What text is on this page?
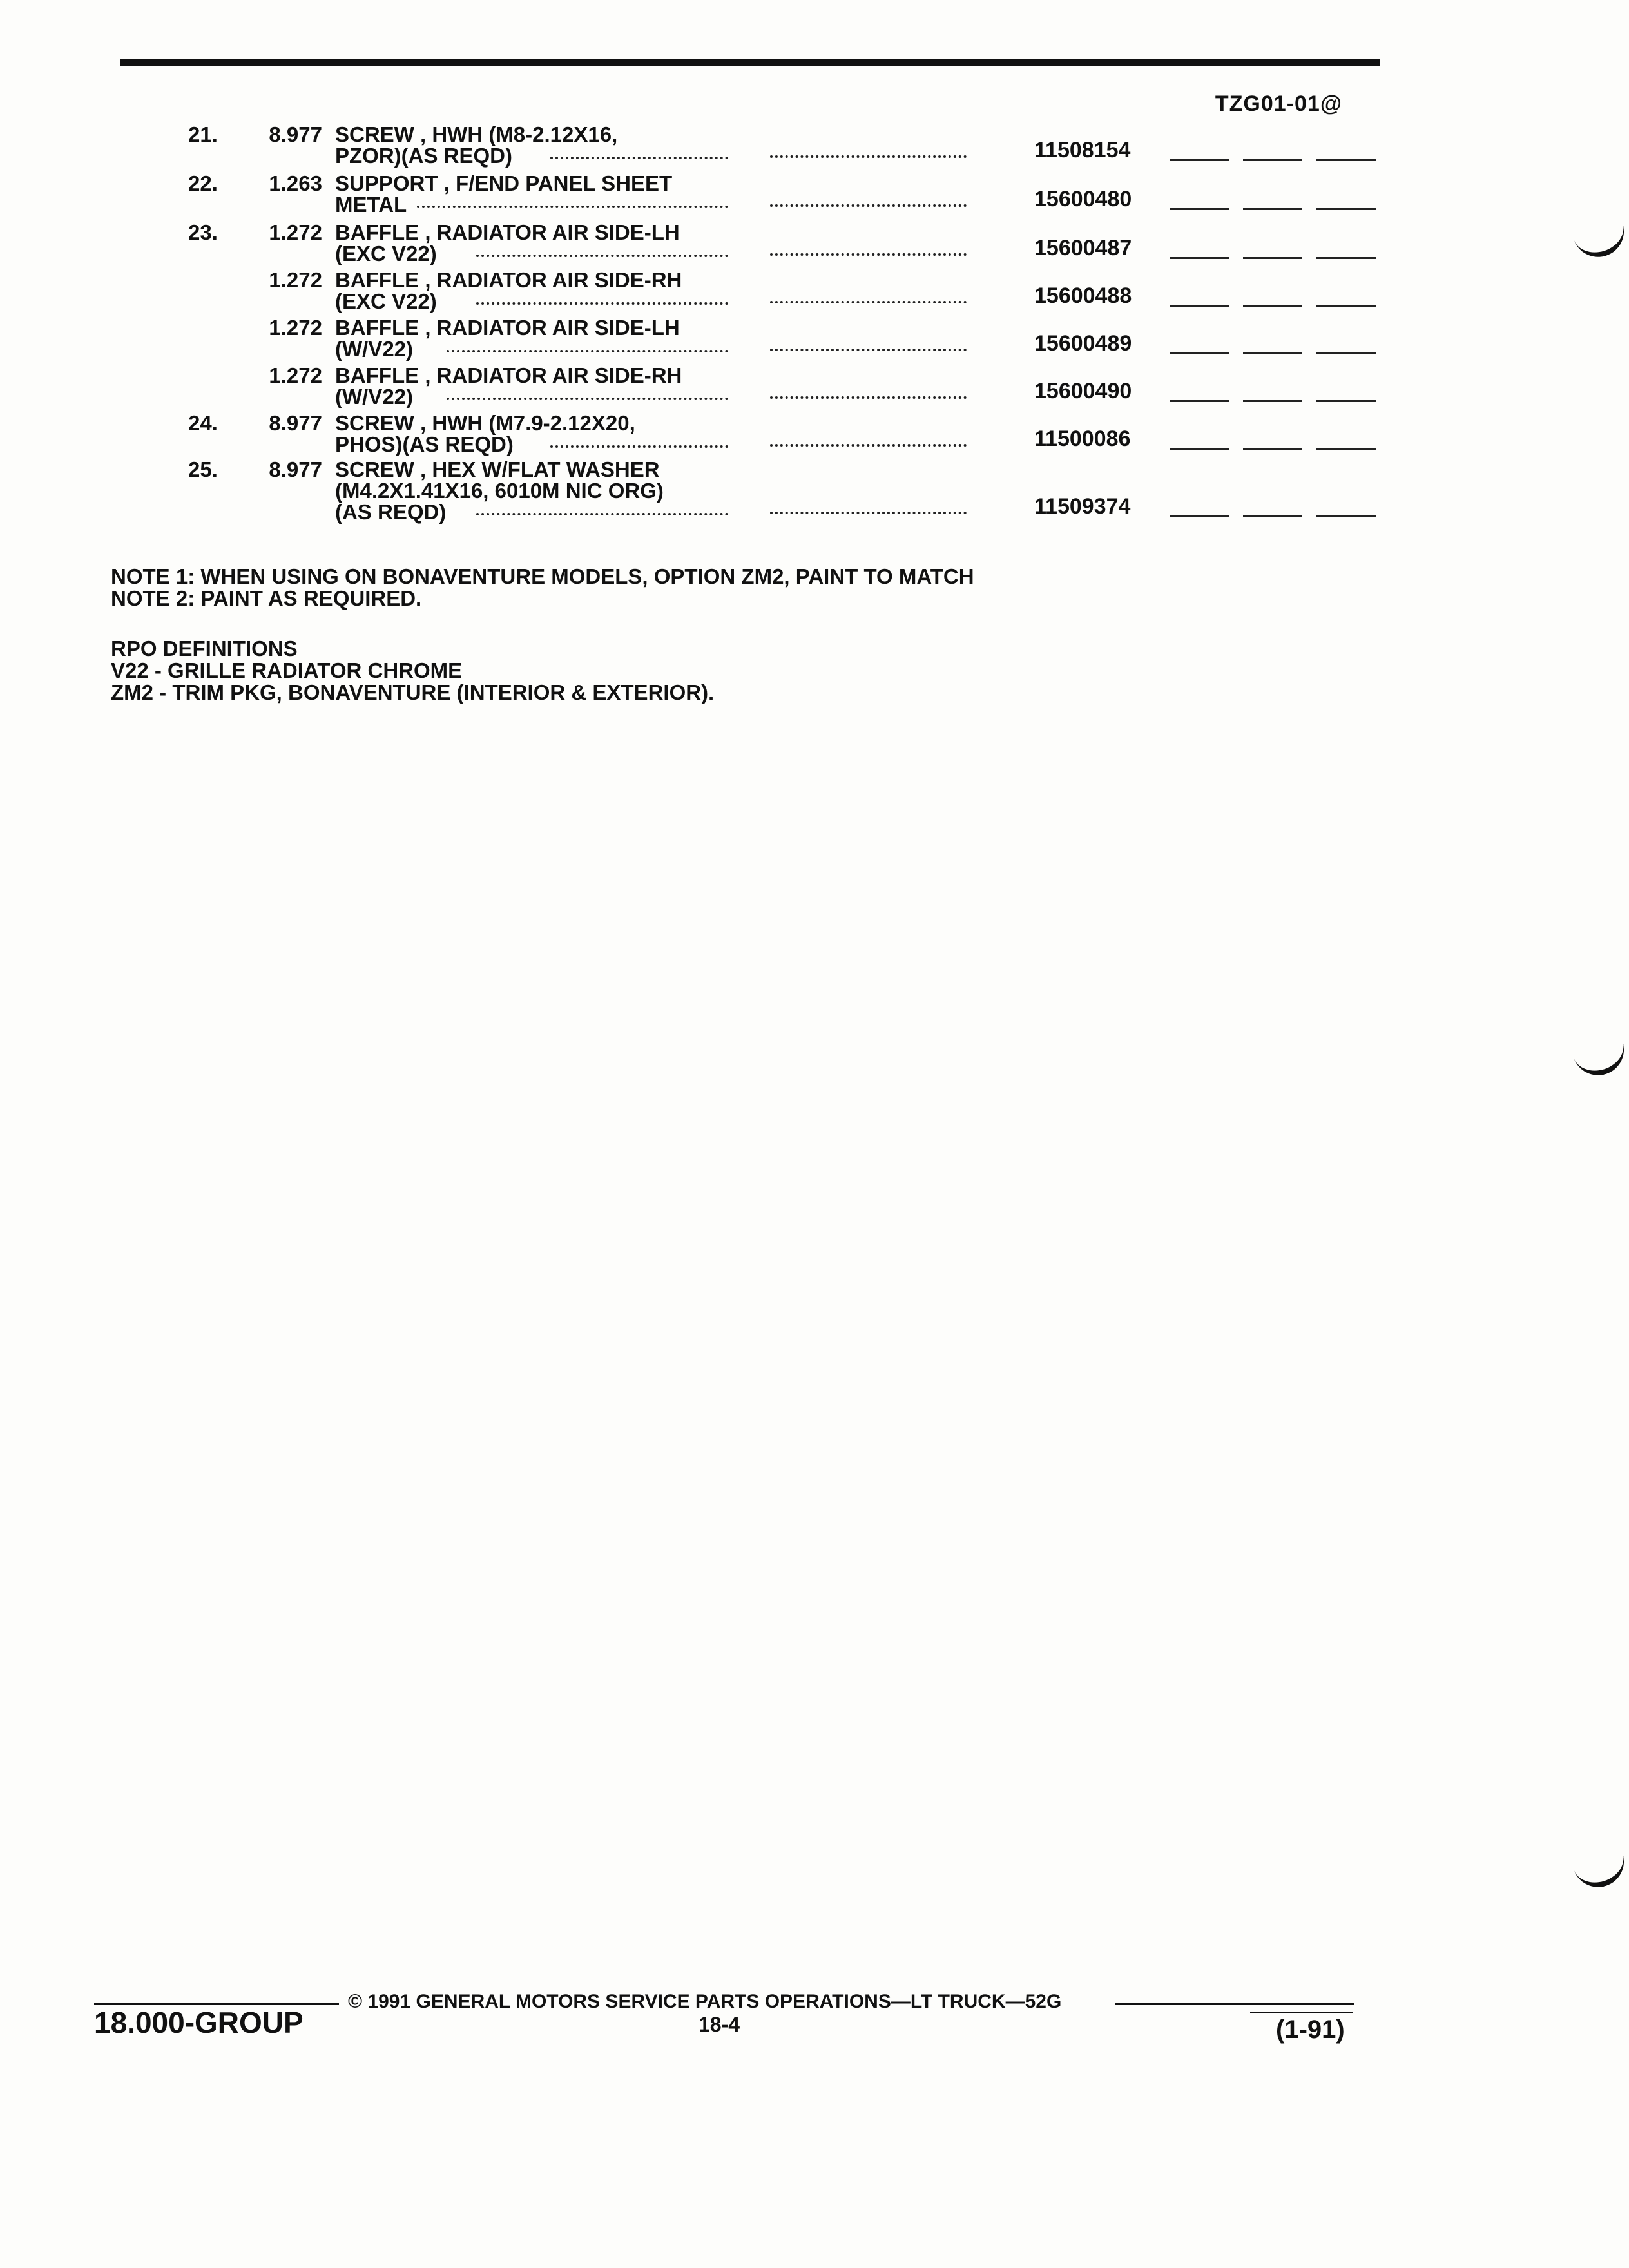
TZG01-01@
21.	8.977 SCREW , HWH (M8-2.12X16,
PZOR)(AS REQD)	11508154
22.	1.263 SUPPORT , F/END PANEL SHEET
METAL	15600480
23.	1.272 BAFFLE , RADIATOR AIR SIDE-LH
(EXC V22)	15600487
1.272 BAFFLE , RADIATOR AIR SIDE-RH
(EXC V22)	15600488
1.272 BAFFLE , RADIATOR AIR SIDE-LH
(W/V22)	15600489
1.272 BAFFLE , RADIATOR AIR SIDE-RH
(W/V22)	15600490
24.	8.977 SCREW , HWH (M7.9-2.12X20,
PHOS)(AS REQD)	11500086
25.	8.977 SCREW , HEX W/FLAT WASHER
(M4.2X1.41X16, 6010M NIC ORG)
(AS REQD)	11509374
NOTE 1: WHEN USING ON BONAVENTURE MODELS, OPTION ZM2, PAINT TO MATCH
NOTE 2: PAINT AS REQUIRED.
RPO DEFINITIONS
V22 - GRILLE RADIATOR CHROME
ZM2 - TRIM PKG, BONAVENTURE (INTERIOR & EXTERIOR).
18.000-GROUP
© 1991 GENERAL MOTORS SERVICE PARTS OPERATIONS—LT TRUCK—52G
18-4	(1-91)
